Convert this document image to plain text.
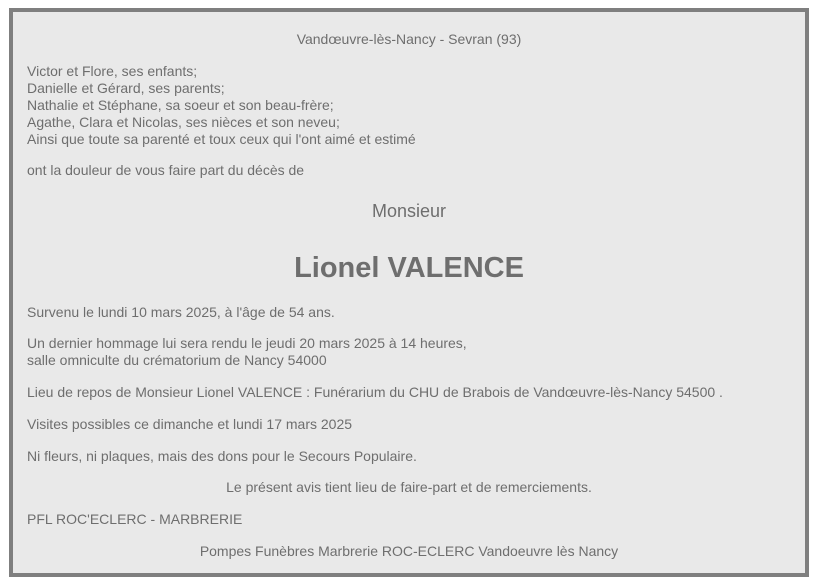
Vandœuvre-lès-Nancy - Sevran (93)
Victor et Flore, ses enfants;
Danielle et Gérard, ses parents;
Nathalie et Stéphane, sa soeur et son beau-frère;
Agathe, Clara et Nicolas, ses nièces et son neveu;
Ainsi que toute sa parenté et toux ceux qui l'ont aimé et estimé
ont la douleur de vous faire part du décès de
Monsieur
Lionel VALENCE
Survenu le lundi 10 mars 2025, à l'âge de 54 ans.
Un dernier hommage lui sera rendu le jeudi 20 mars 2025 à 14 heures,
salle omniculte du crématorium de Nancy 54000
Lieu de repos de Monsieur Lionel VALENCE : Funérarium du CHU de Brabois de Vandœuvre-lès-Nancy 54500 .
Visites possibles ce dimanche et lundi 17 mars 2025
Ni fleurs, ni plaques, mais des dons pour le Secours Populaire.
Le présent avis tient lieu de faire-part et de remerciements.
PFL ROC'ECLERC - MARBRERIE
Pompes Funèbres Marbrerie ROC-ECLERC Vandoeuvre lès Nancy
